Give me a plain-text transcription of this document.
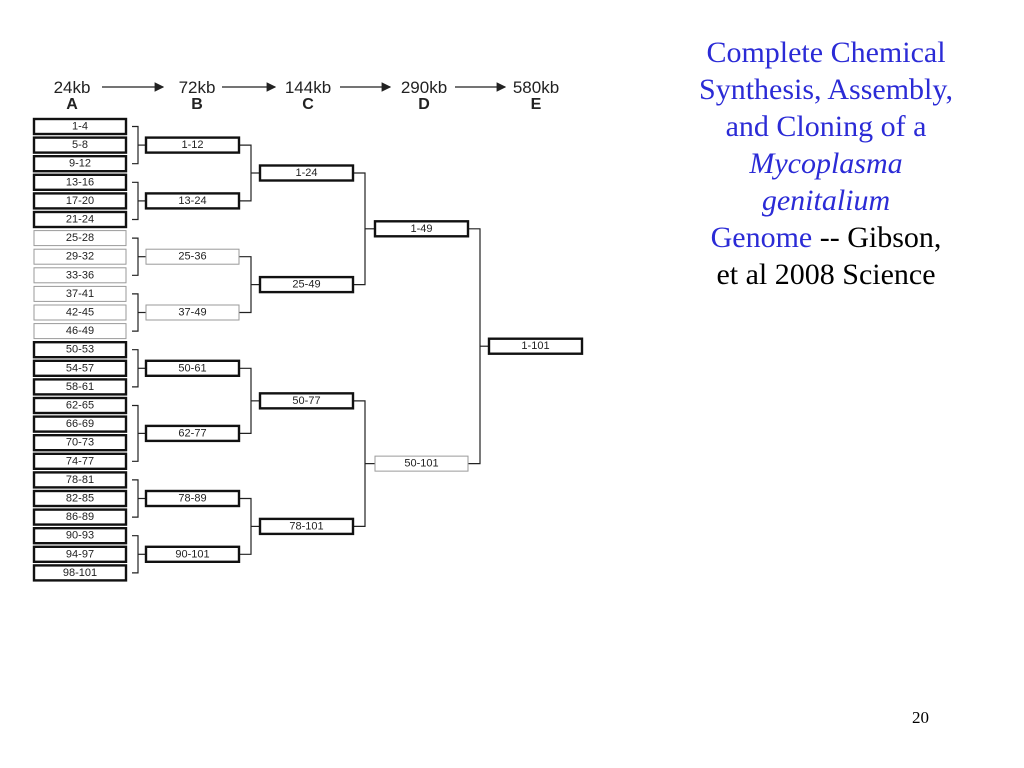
24kb
A
72kb
B
144kb
C
290kb
D
580kb
E
1-4
5-8
9-12
13-16
17-20
21-24
25-28
29-32
33-36
37-41
42-45
46-49
50-53
54-57
58-61
62-65
66-69
70-73
74-77
78-81
82-85
86-89
90-93
94-97
98-101
1-12
13-24
25-36
37-49
50-61
62-77
78-89
90-101
1-24
25-49
50-77
78-101
1-49
50-101
1-101
Complete Chemical
Synthesis, Assembly,
and Cloning of a
Mycoplasma
genitalium
Genome -- Gibson,
et al 2008 Science
20
